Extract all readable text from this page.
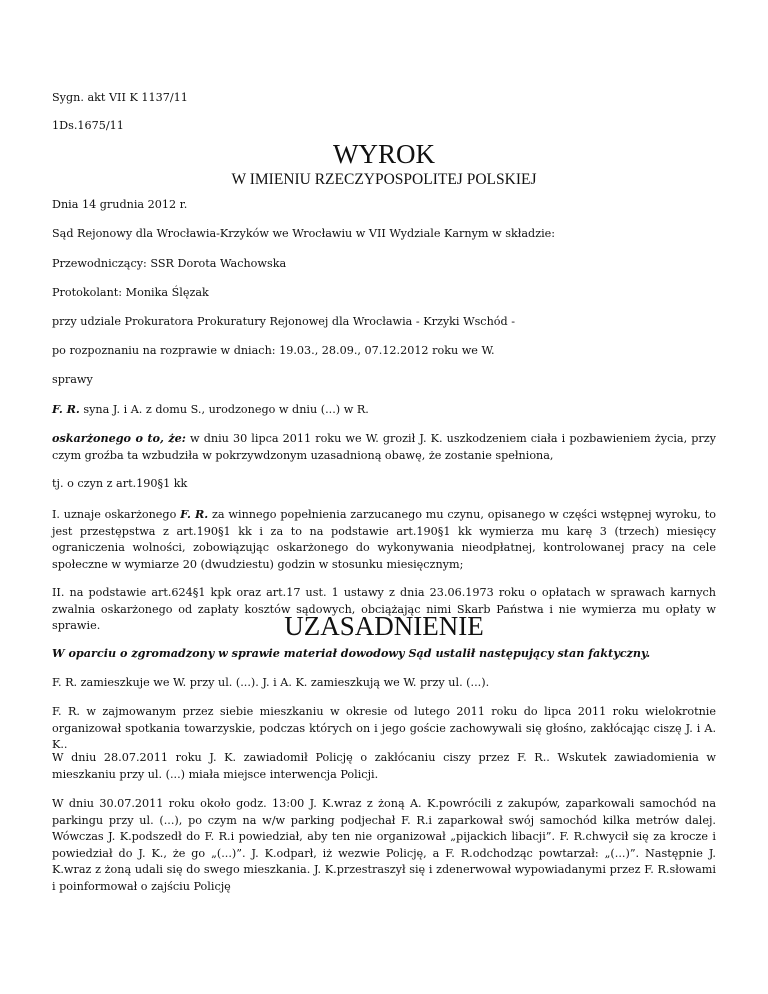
Sygn. akt VII K 1137/11

1Ds.1675/11

WYROK
W IMIENIU RZECZYPOSPOLITEJ POLSKIEJ

Dnia 14 grudnia 2012 r.

Sąd Rejonowy dla Wrocławia-Krzyków we Wrocławiu w VII Wydziale Karnym w składzie:

Przewodniczący: SSR Dorota Wachowska

Protokolant: Monika Ślęzak

przy udziale Prokuratora Prokuratury Rejonowej dla Wrocławia - Krzyki Wschód -

po rozpoznaniu na rozprawie w dniach: 19.03., 28.09., 07.12.2012 roku we W.

sprawy

F. R. syna J. i A. z domu S., urodzonego w dniu (...) w R.

oskarżonego o to, że: w dniu 30 lipca 2011 roku we W. groził J. K. uszkodzeniem ciała i pozbawieniem życia, przy czym groźba ta wzbudziła w pokrzywdzonym uzasadnioną obawę, że zostanie spełniona,

tj. o czyn z art.190§1 kk

I. uznaje oskarżonego F. R. za winnego popełnienia zarzucanego mu czynu, opisanego w części wstępnej wyroku, to jest przestępstwa z art.190§1 kk i za to na podstawie art.190§1 kk wymierza mu karę 3 (trzech) miesięcy ograniczenia wolności, zobowiązując oskarżonego do wykonywania nieodpłatnej, kontrolowanej pracy na cele społeczne w wymiarze 20 (dwudziestu) godzin w stosunku miesięcznym;

II. na podstawie art.624§1 kpk oraz art.17 ust. 1 ustawy z dnia 23.06.1973 roku o opłatach w sprawach karnych zwalnia oskarżonego od zapłaty kosztów sądowych, obciążając nimi Skarb Państwa i nie wymierza mu opłaty w sprawie.	UZASADNIENIE

W oparciu o zgromadzony w sprawie materiał dowodowy Sąd ustalił następujący stan faktyczny.

F. R. zamieszkuje we W. przy ul. (...). J. i A. K. zamieszkują we W. przy ul. (...).

F. R. w zajmowanym przez siebie mieszkaniu w okresie od lutego 2011 roku do lipca 2011 roku wielokrotnie organizował spotkania towarzyskie, podczas których on i jego goście zachowywali się głośno, zakłócając ciszę J. i A. K..

W dniu 28.07.2011 roku J. K. zawiadomił Policję o zakłócaniu ciszy przez F. R.. Wskutek zawiadomienia w mieszkaniu przy ul. (...) miała miejsce interwencja Policji.

W dniu 30.07.2011 roku około godz. 13:00 J. K.wraz z żoną A. K.powrócili z zakupów, zaparkowali samochód na parkingu przy ul. (...), po czym na w/w parking podjechał F. R.i zaparkował swój samochód kilka metrów dalej. Wówczas J. K.podszedł do F. R.i powiedział, aby ten nie organizował „pijackich libacji”. F. R.chwycił się za krocze i powiedział do J. K., że go „(...)”. J. K.odparł, iż wezwie Policję, a F. R.odchodząc powtarzał: „(...)”. Następnie J. K.wraz z żoną udali się do swego mieszkania. J. K.przestraszył się i zdenerwował wypowiadanymi przez F. R.słowami i poinformował o zajściu Policję
